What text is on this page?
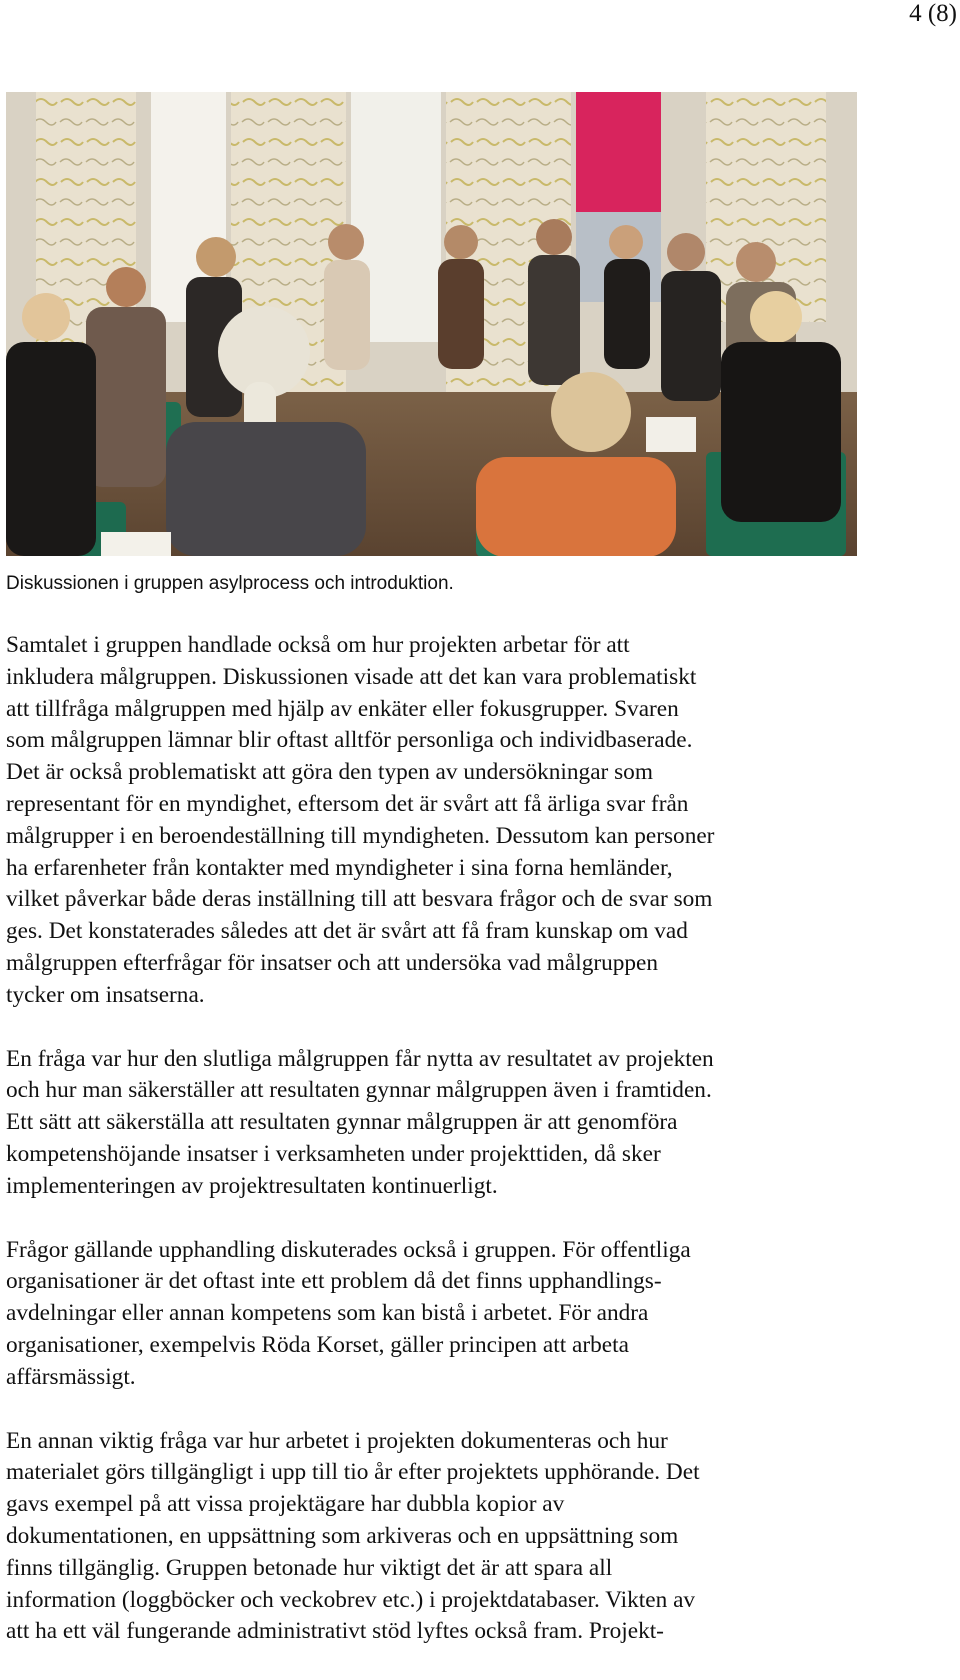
4 (8)
Diskussionen i gruppen asylprocess och introduktion.

Samtalet i gruppen handlade också om hur projekten arbetar för att
inkludera målgruppen. Diskussionen visade att det kan vara problematiskt
att tillfråga målgruppen med hjälp av enkäter eller fokusgrupper. Svaren
som målgruppen lämnar blir oftast alltför personliga och individbaserade.
Det är också problematiskt att göra den typen av undersökningar som
representant för en myndighet, eftersom det är svårt att få ärliga svar från
målgrupper i en beroendeställning till myndigheten. Dessutom kan personer
ha erfarenheter från kontakter med myndigheter i sina forna hemländer,
vilket påverkar både deras inställning till att besvara frågor och de svar som
ges. Det konstaterades således att det är svårt att få fram kunskap om vad
målgruppen efterfrågar för insatser och att undersöka vad målgruppen
tycker om insatserna.

En fråga var hur den slutliga målgruppen får nytta av resultatet av projekten
och hur man säkerställer att resultaten gynnar målgruppen även i framtiden.
Ett sätt att säkerställa att resultaten gynnar målgruppen är att genomföra
kompetenshöjande insatser i verksamheten under projekttiden, då sker
implementeringen av projektresultaten kontinuerligt.

Frågor gällande upphandling diskuterades också i gruppen. För offentliga
organisationer är det oftast inte ett problem då det finns upphandlings-
avdelningar eller annan kompetens som kan bistå i arbetet. För andra
organisationer, exempelvis Röda Korset, gäller principen att arbeta
affärsmässigt.

En annan viktig fråga var hur arbetet i projekten dokumenteras och hur
materialet görs tillgängligt i upp till tio år efter projektets upphörande. Det
gavs exempel på att vissa projektägare har dubbla kopior av
dokumentationen, en uppsättning som arkiveras och en uppsättning som
finns tillgänglig. Gruppen betonade hur viktigt det är att spara all
information (loggböcker och veckobrev etc.) i projektdatabaser. Vikten av
att ha ett väl fungerande administrativt stöd lyftes också fram. Projekt-
